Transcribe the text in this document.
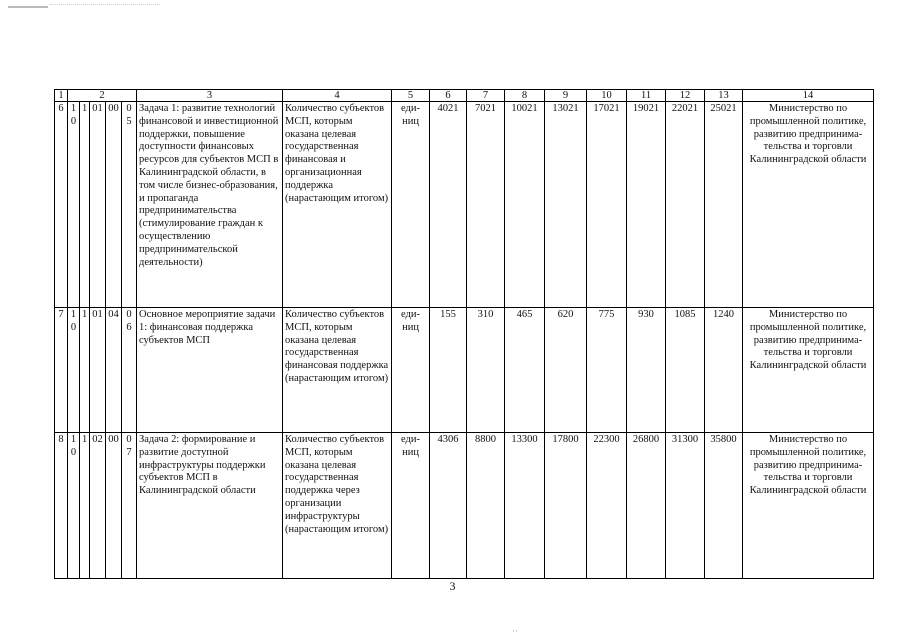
1	2					3	4	5	6	7	8	9	10	11	12	13	14
6	10	1	01	00	05	Задача 1: развитие технологий финансовой и инвестиционной поддержки, повышение доступности финансовых ресурсов для субъектов МСП в Калининградской области, в том числе бизнес-образования, и пропаганда предпринимательства (стимулирование граждан к осуществлению предпринимательской деятельности)	Количество субъектов МСП, которым оказана целевая государственная финансовая и организационная поддержка (нарастающим итогом)	еди-ниц	4021	7021	10021	13021	17021	19021	22021	25021	Министерство по промышленной политике, развитию предпринима-тельства и торговли Калининградской области
7	10	1	01	04	06	Основное мероприятие задачи 1: финансовая поддержка субъектов МСП	Количество субъектов МСП, которым оказана целевая государственная финансовая поддержка (нарастающим итогом)	еди-ниц	155	310	465	620	775	930	1085	1240	Министерство по промышленной политике, развитию предпринима-тельства и торговли Калининградской области
8	10	1	02	00	07	Задача 2: формирование и развитие доступной инфраструктуры поддержки субъектов МСП в Калининградской области	Количество субъектов МСП, которым оказана целевая государственная поддержка через организации инфраструктуры (нарастающим итогом)	еди-ниц	4306	8800	13300	17800	22300	26800	31300	35800	Министерство по промышленной политике, развитию предпринима-тельства и торговли Калининградской области
3
··
